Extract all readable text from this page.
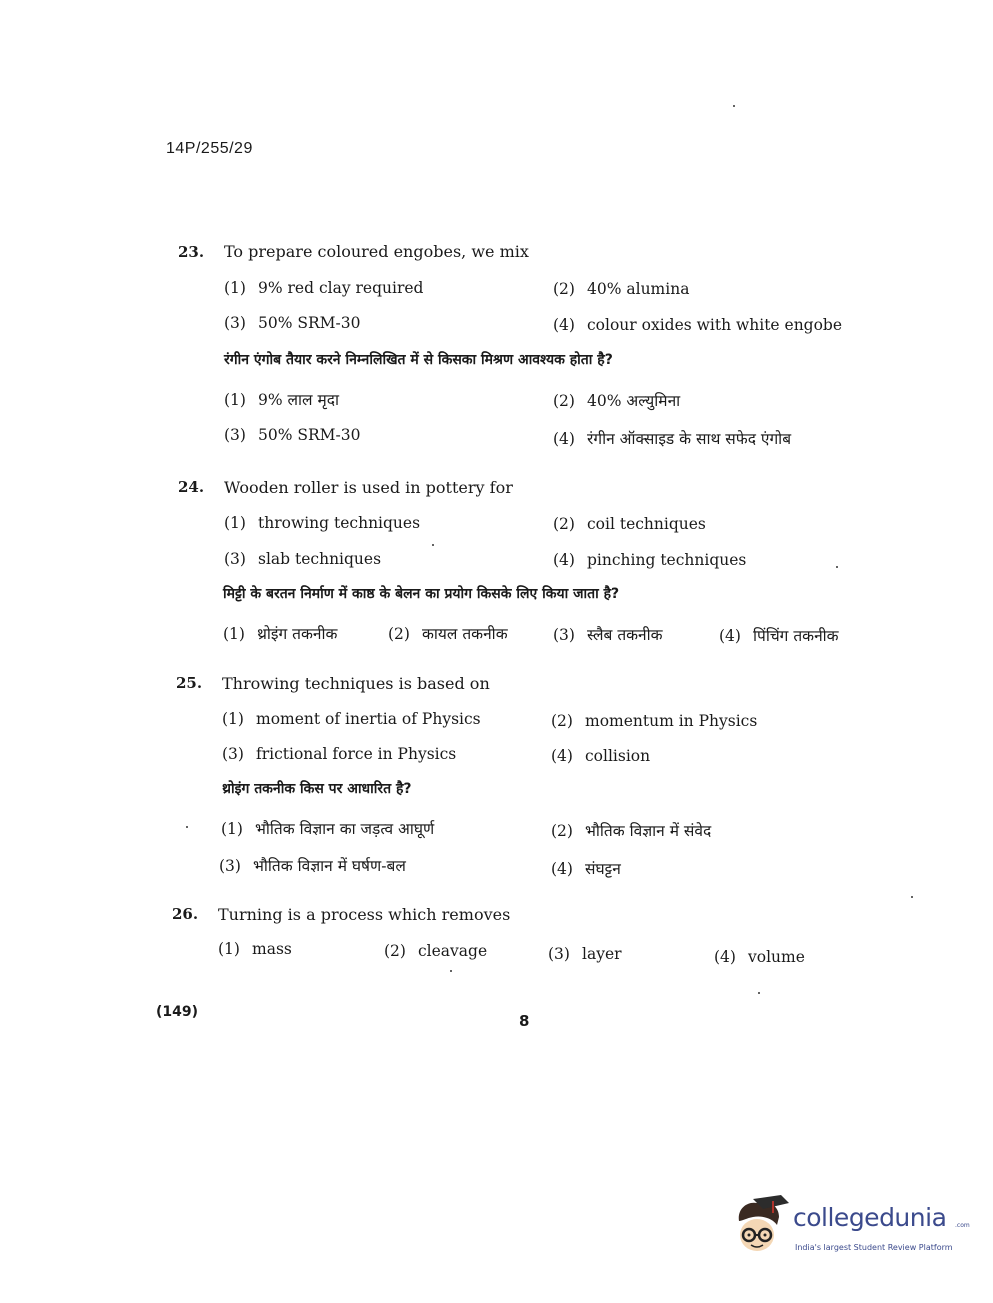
14P/255/29
23. To prepare coloured engobes, we mix
(1) 9% red clay required	(2) 40% alumina
(3) 50% SRM-30	(4) colour oxides with white engobe
रंगीन एंगोब तैयार करने निम्नलिखित में से किसका मिश्रण आवश्यक होता है?
(1) 9% लाल मृदा	(2) 40% अल्युमिना
(3) 50% SRM-30	(4) रंगीन ऑक्साइड के साथ सफेद एंगोब
24. Wooden roller is used in pottery for
(1) throwing techniques	(2) coil techniques
(3) slab techniques	(4) pinching techniques
मिट्टी के बरतन निर्माण में काष्ठ के बेलन का प्रयोग किसके लिए किया जाता है?
(1) थ्रोइंग तकनीक	(2) कायल तकनीक	(3) स्लैब तकनीक	(4) पिंचिंग तकनीक
25. Throwing techniques is based on
(1) moment of inertia of Physics	(2) momentum in Physics
(3) frictional force in Physics	(4) collision
थ्रोइंग तकनीक किस पर आधारित है?
(1) भौतिक विज्ञान का जड़त्व आघूर्ण	(2) भौतिक विज्ञान में संवेद
(3) भौतिक विज्ञान में घर्षण-बल	(4) संघट्टन
26. Turning is a process which removes
(1) mass	(2) cleavage	(3) layer	(4) volume
(149)	8
collegedunia .com
India's largest Student Review Platform
